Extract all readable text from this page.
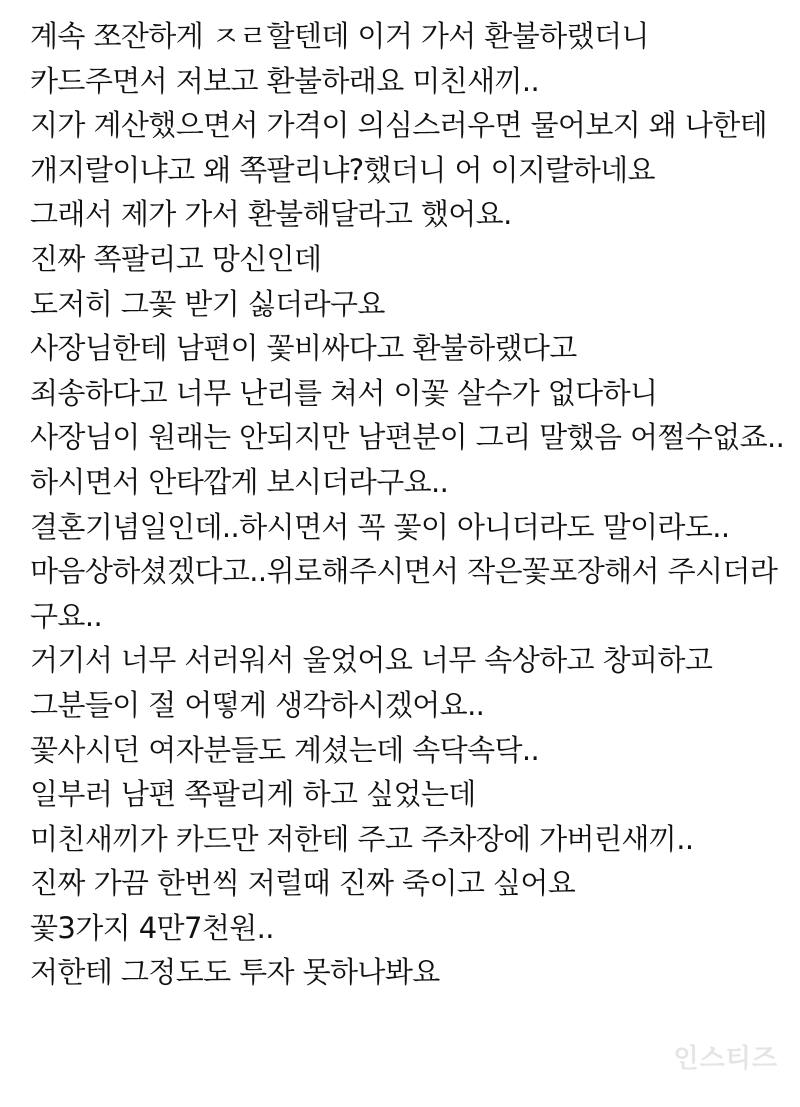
계속 쪼잔하게 ㅈㄹ할텐데 이거 가서 환불하랬더니
카드주면서 저보고 환불하래요 미친새끼..
지가 계산했으면서 가격이 의심스러우면 물어보지 왜 나한테
개지랄이냐고 왜 쪽팔리냐?했더니 어 이지랄하네요
그래서 제가 가서 환불해달라고 했어요.
진짜 쪽팔리고 망신인데
도저히 그꽃 받기 싫더라구요
사장님한테 남편이 꽃비싸다고 환불하랬다고
죄송하다고 너무 난리를 쳐서 이꽃 살수가 없다하니
사장님이 원래는 안되지만 남편분이 그리 말했음 어쩔수없죠..
하시면서 안타깝게 보시더라구요..
결혼기념일인데..하시면서 꼭 꽃이 아니더라도 말이라도..
마음상하셨겠다고..위로해주시면서 작은꽃포장해서 주시더라
구요..
거기서 너무 서러워서 울었어요 너무 속상하고 창피하고
그분들이 절 어떻게 생각하시겠어요..
꽃사시던 여자분들도 계셨는데 속닥속닥..
일부러 남편 쪽팔리게 하고 싶었는데
미친새끼가 카드만 저한테 주고 주차장에 가버린새끼..
진짜 가끔 한번씩 저럴때 진짜 죽이고 싶어요
꽃3가지 4만7천원..
저한테 그정도도 투자 못하나봐요
인스티즈
